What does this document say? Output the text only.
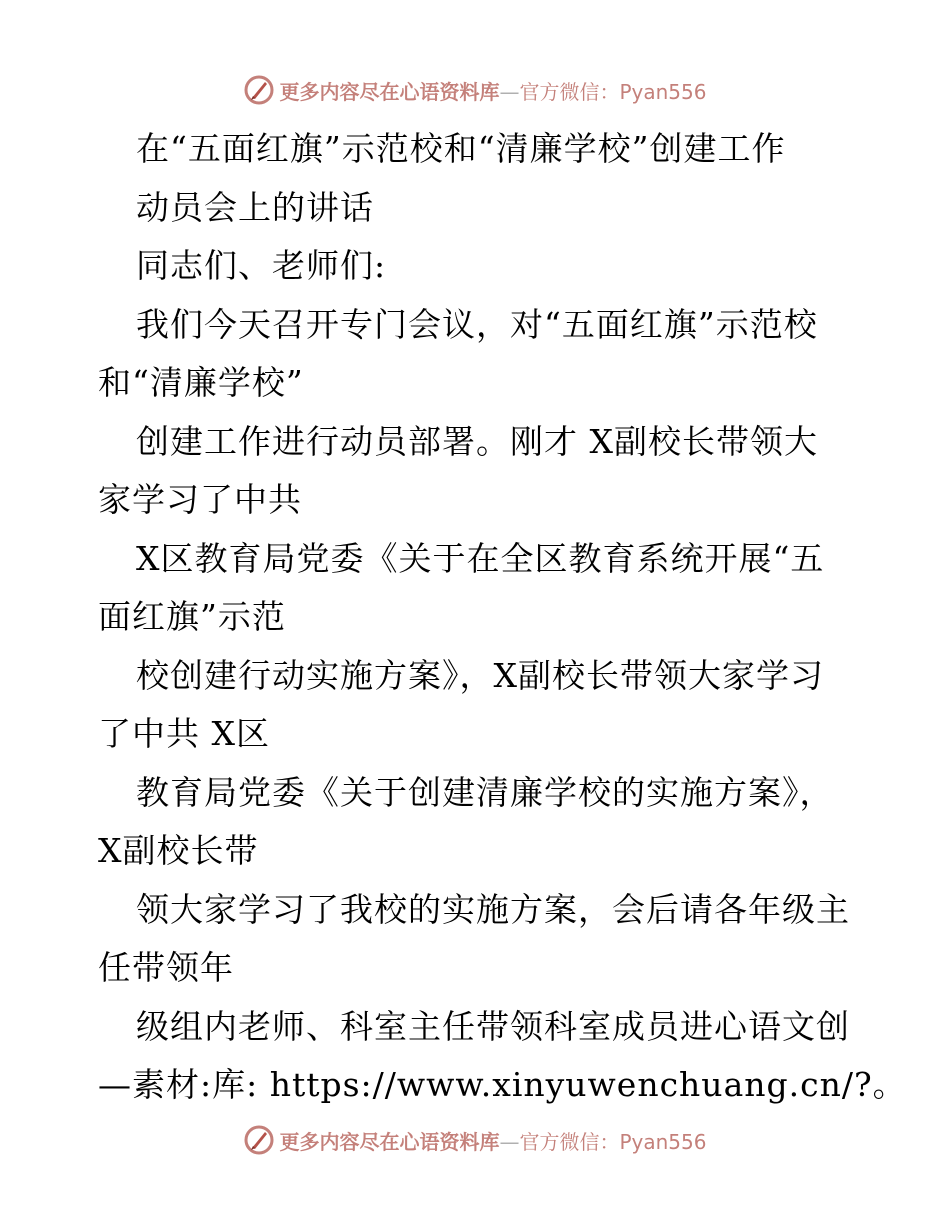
更多内容尽在心语资料库—官方微信：Pyan556
在“五面红旗”示范校和“清廉学校”创建工作
动员会上的讲话
同志们、老师们:
我们今天召开专门会议，对“五面红旗”示范校
和“清廉学校”
创建工作进行动员部署。刚才 X副校长带领大
家学习了中共
X区教育局党委《关于在全区教育系统开展“五
面红旗”示范
校创建行动实施方案》，X副校长带领大家学习
了中共 X区
教育局党委《关于创建清廉学校的实施方案》，
X副校长带
领大家学习了我校的实施方案，会后请各年级主
任带领年
级组内老师、科室主任带领科室成员进心语文创
—素材:库: https://www.xinyuwenchuang.cn/?。
更多内容尽在心语资料库—官方微信：Pyan556
